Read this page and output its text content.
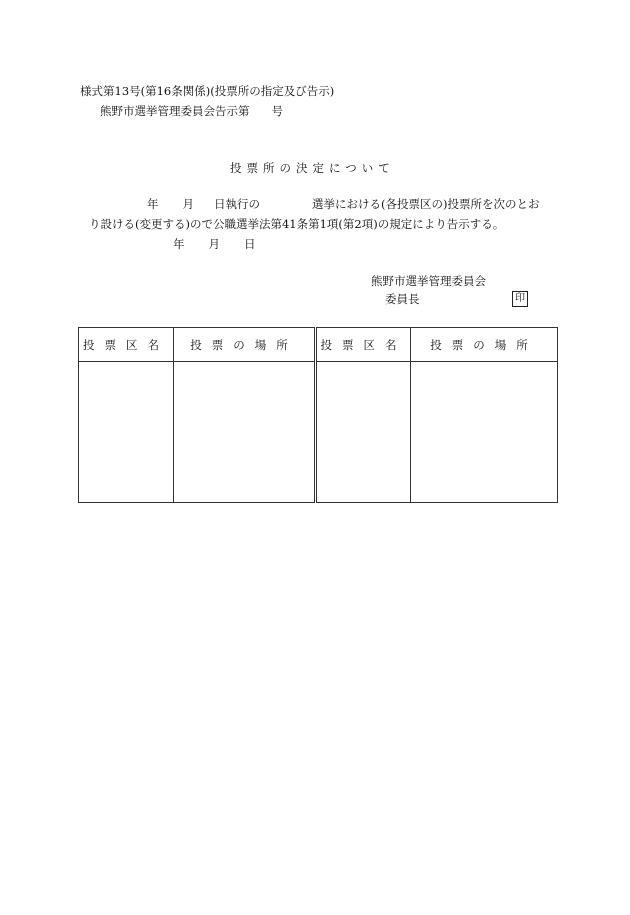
様式第13号(第16条関係)(投票所の指定及び告示)
熊野市選挙管理委員会告示第 号
投票所の決定について
年 月 日執行の	選挙における(各投票区の)投票所を次のとお
り設ける(変更する)ので公職選挙法第41条第1項(第2項)の規定により告示する。
年 月 日
熊野市選挙管理委員会
委員長	印
投票区名	投票の場所	投票区名	投票の場所
